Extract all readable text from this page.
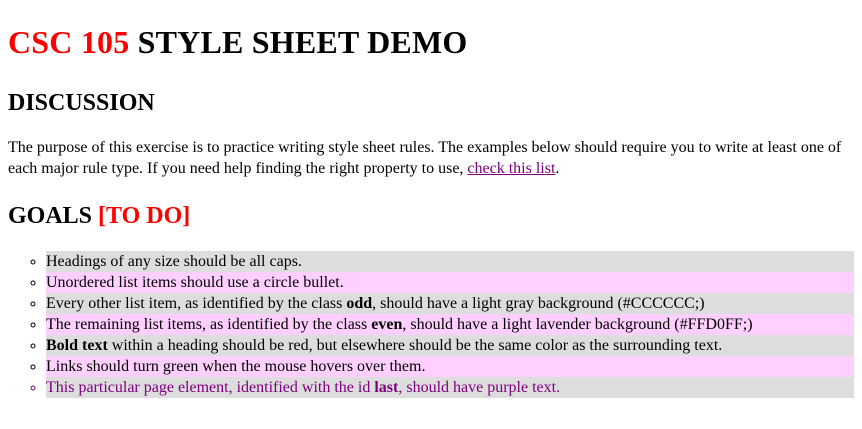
CSC 105 STYLE SHEET DEMO
DISCUSSION

The purpose of this exercise is to practice writing style sheet rules. The examples below should require you to write at least one of each major rule type. If you need help finding the right property to use, check this list.

GOALS [TO DO]
◦ Headings of any size should be all caps.
◦ Unordered list items should use a circle bullet.
◦ Every other list item, as identified by the class odd, should have a light gray background (#CCCCCC;)
◦ The remaining list items, as identified by the class even, should have a light lavender background (#FFD0FF;)
◦ Bold text within a heading should be red, but elsewhere should be the same color as the surrounding text.
◦ Links should turn green when the mouse hovers over them.
◦ This particular page element, identified with the id last, should have purple text.
